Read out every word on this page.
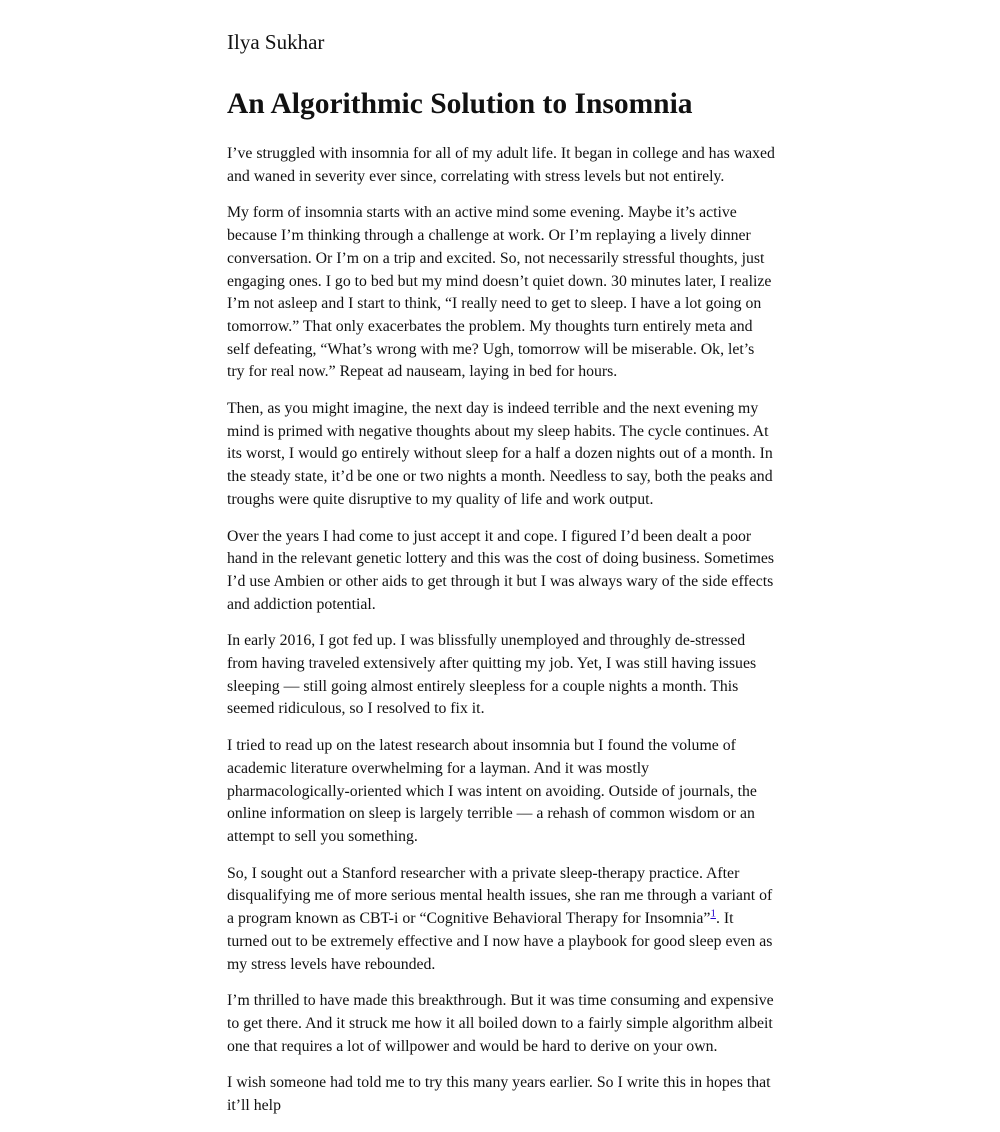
Ilya Sukhar
An Algorithmic Solution to Insomnia

I’ve struggled with insomnia for all of my adult life. It began in college and has waxed and waned in severity ever since, correlating with stress levels but not entirely.

My form of insomnia starts with an active mind some evening. Maybe it’s active because I’m thinking through a challenge at work. Or I’m replaying a lively dinner conversation. Or I’m on a trip and excited. So, not necessarily stressful thoughts, just engaging ones. I go to bed but my mind doesn’t quiet down. 30 minutes later, I realize I’m not asleep and I start to think, “I really need to get to sleep. I have a lot going on tomorrow.” That only exacerbates the problem. My thoughts turn entirely meta and self defeating, “What’s wrong with me? Ugh, tomorrow will be miserable. Ok, let’s try for real now.” Repeat ad nauseam, laying in bed for hours.

Then, as you might imagine, the next day is indeed terrible and the next evening my mind is primed with negative thoughts about my sleep habits. The cycle continues. At its worst, I would go entirely without sleep for a half a dozen nights out of a month. In the steady state, it’d be one or two nights a month. Needless to say, both the peaks and troughs were quite disruptive to my quality of life and work output.

Over the years I had come to just accept it and cope. I figured I’d been dealt a poor hand in the relevant genetic lottery and this was the cost of doing business. Sometimes I’d use Ambien or other aids to get through it but I was always wary of the side effects and addiction potential.

In early 2016, I got fed up. I was blissfully unemployed and throughly de-stressed from having traveled extensively after quitting my job. Yet, I was still having issues sleeping — still going almost entirely sleepless for a couple nights a month. This seemed ridiculous, so I resolved to fix it.

I tried to read up on the latest research about insomnia but I found the volume of academic literature overwhelming for a layman. And it was mostly pharmacologically-oriented which I was intent on avoiding. Outside of journals, the online information on sleep is largely terrible — a rehash of common wisdom or an attempt to sell you something.

So, I sought out a Stanford researcher with a private sleep-therapy practice. After disqualifying me of more serious mental health issues, she ran me through a variant of a program known as CBT-i or “Cognitive Behavioral Therapy for Insomnia”$^1$. It turned out to be extremely effective and I now have a playbook for good sleep even as my stress levels have rebounded.

I’m thrilled to have made this breakthrough. But it was time consuming and expensive to get there. And it struck me how it all boiled down to a fairly simple algorithm albeit one that requires a lot of willpower and would be hard to derive on your own.

I wish someone had told me to try this many years earlier. So I write this in hopes that it’ll help
